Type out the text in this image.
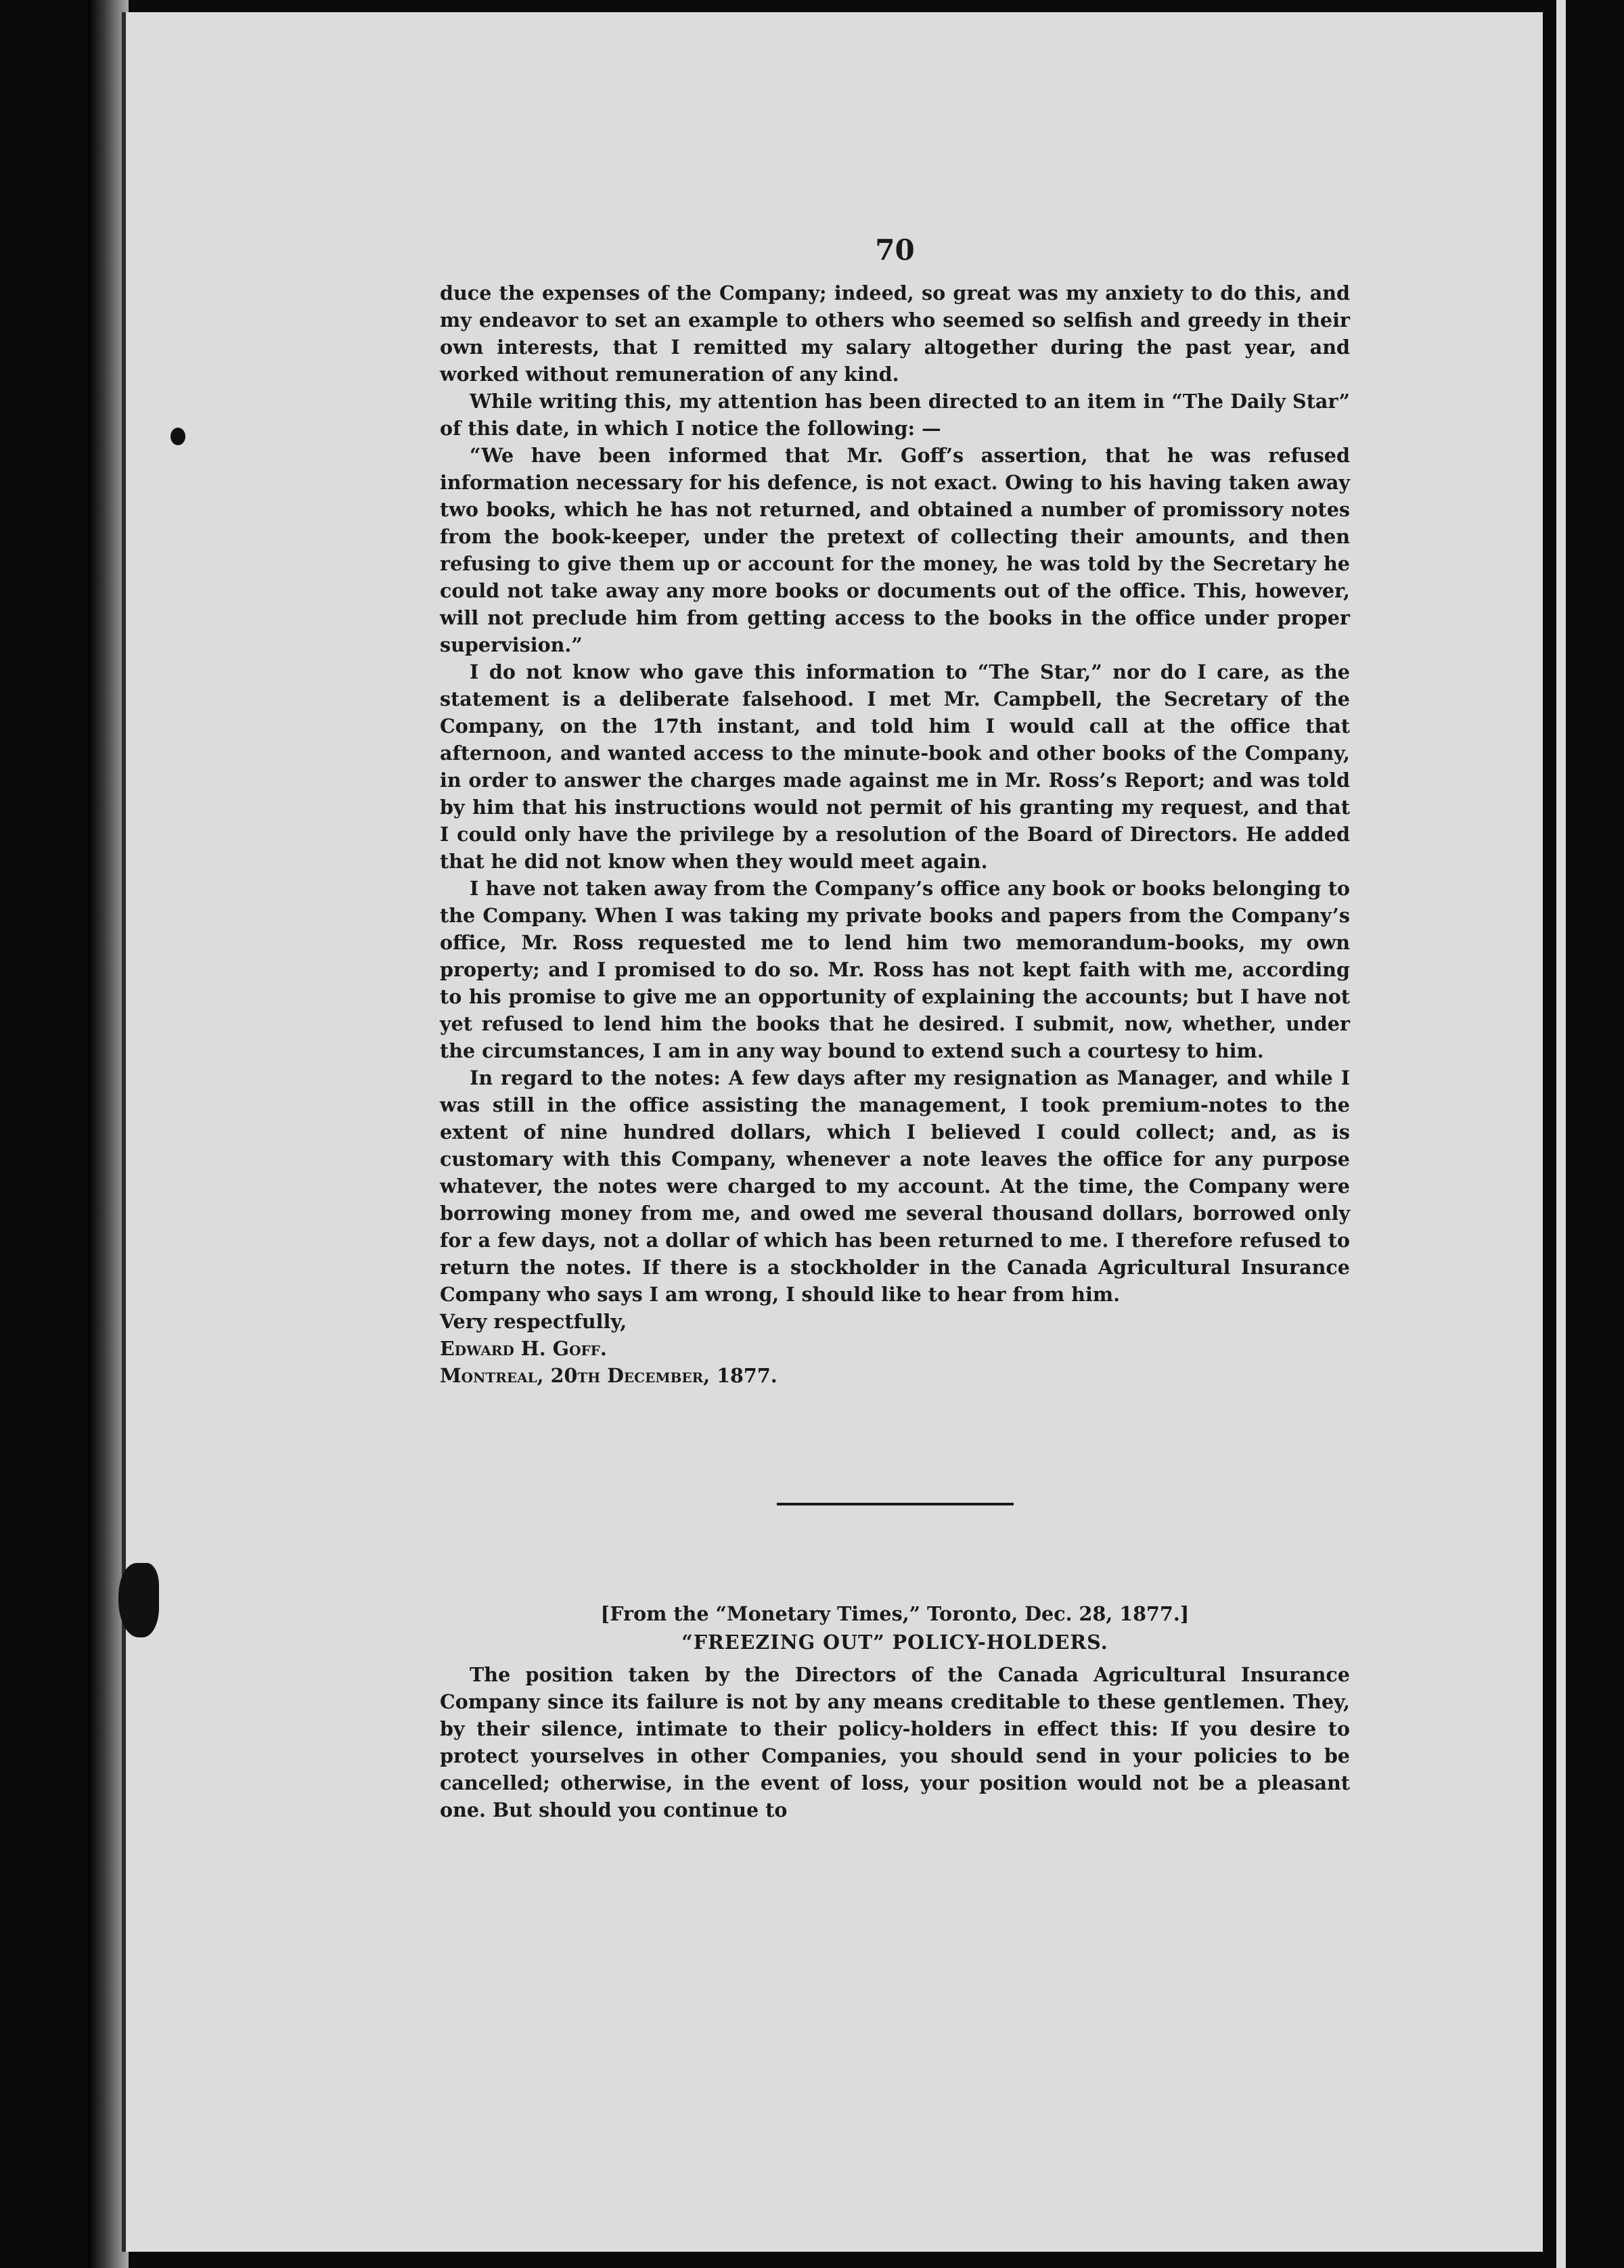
70

duce the expenses of the Company; indeed, so great was my anxiety to do this, and my endeavor to set an example to others who seemed so selfish and greedy in their own interests, that I remitted my salary altogether during the past year, and worked without remuneration of any kind.

While writing this, my attention has been directed to an item in “The Daily Star” of this date, in which I notice the following: —

“We have been informed that Mr. Goff’s assertion, that he was refused information necessary for his defence, is not exact. Owing to his having taken away two books, which he has not returned, and obtained a number of promissory notes from the book-keeper, under the pretext of collecting their amounts, and then refusing to give them up or account for the money, he was told by the Secretary he could not take away any more books or documents out of the office. This, however, will not preclude him from getting access to the books in the office under proper supervision.”

I do not know who gave this information to “The Star,” nor do I care, as the statement is a deliberate falsehood. I met Mr. Campbell, the Secretary of the Company, on the 17th instant, and told him I would call at the office that afternoon, and wanted access to the minute-book and other books of the Company, in order to answer the charges made against me in Mr. Ross’s Report; and was told by him that his instructions would not permit of his granting my request, and that I could only have the privilege by a resolution of the Board of Directors. He added that he did not know when they would meet again.

I have not taken away from the Company’s office any book or books belonging to the Company. When I was taking my private books and papers from the Company’s office, Mr. Ross requested me to lend him two memorandum-books, my own property; and I promised to do so. Mr. Ross has not kept faith with me, according to his promise to give me an opportunity of explaining the accounts; but I have not yet refused to lend him the books that he desired. I submit, now, whether, under the circumstances, I am in any way bound to extend such a courtesy to him.

In regard to the notes: A few days after my resignation as Manager, and while I was still in the office assisting the management, I took premium-notes to the extent of nine hundred dollars, which I believed I could collect; and, as is customary with this Company, whenever a note leaves the office for any purpose whatever, the notes were charged to my account. At the time, the Company were borrowing money from me, and owed me several thousand dollars, borrowed only for a few days, not a dollar of which has been returned to me. I therefore refused to return the notes. If there is a stockholder in the Canada Agricultural Insurance Company who says I am wrong, I should like to hear from him.

Very respectfully,

Edward H. Goff.

Montreal, 20th December, 1877.

[From the “Monetary Times,” Toronto, Dec. 28, 1877.]
“FREEZING OUT” POLICY-HOLDERS.

The position taken by the Directors of the Canada Agricultural Insurance Company since its failure is not by any means creditable to these gentlemen. They, by their silence, intimate to their policy-holders in effect this: If you desire to protect yourselves in other Companies, you should send in your policies to be cancelled; otherwise, in the event of loss, your position would not be a pleasant one. But should you continue to
